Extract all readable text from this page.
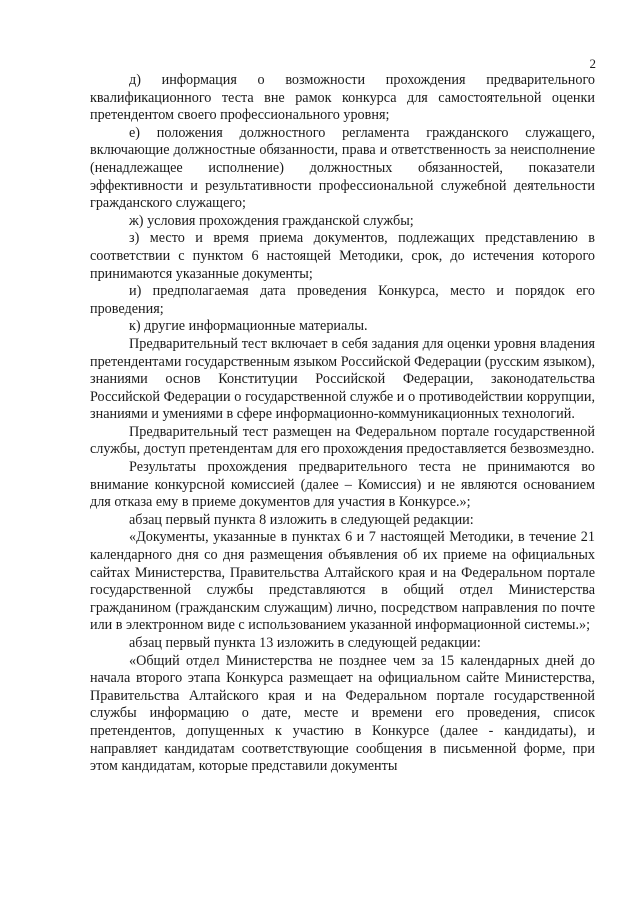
2

д) информация о возможности прохождения предварительного квалификационного теста вне рамок конкурса для самостоятельной оценки претендентом своего профессионального уровня;

е) положения должностного регламента гражданского служащего, включающие должностные обязанности, права и ответственность за неисполнение (ненадлежащее исполнение) должностных обязанностей, показатели эффективности и результативности профессиональной служебной деятельности гражданского служащего;

ж) условия прохождения гражданской службы;

з) место и время приема документов, подлежащих представлению в соответствии с пунктом 6 настоящей Методики, срок, до истечения которого принимаются указанные документы;

и) предполагаемая дата проведения Конкурса, место и порядок его проведения;

к) другие информационные материалы.

Предварительный тест включает в себя задания для оценки уровня владения претендентами государственным языком Российской Федерации (русским языком), знаниями основ Конституции Российской Федерации, законодательства Российской Федерации о государственной службе и о противодействии коррупции, знаниями и умениями в сфере информационно-коммуникационных технологий.

Предварительный тест размещен на Федеральном портале государственной службы, доступ претендентам для его прохождения предоставляется безвозмездно.

Результаты прохождения предварительного теста не принимаются во внимание конкурсной комиссией (далее – Комиссия) и не являются основанием для отказа ему в приеме документов для участия в Конкурсе.»;

абзац первый пункта 8 изложить в следующей редакции:

«Документы, указанные в пунктах 6 и 7 настоящей Методики, в течение 21 календарного дня со дня размещения объявления об их приеме на официальных сайтах Министерства, Правительства Алтайского края и на Федеральном портале государственной службы представляются в общий отдел Министерства гражданином (гражданским служащим) лично, посредством направления по почте или в электронном виде с использованием указанной информационной системы.»;

абзац первый пункта 13 изложить в следующей редакции:

«Общий отдел Министерства не позднее чем за 15 календарных дней до начала второго этапа Конкурса размещает на официальном сайте Министерства, Правительства Алтайского края и на Федеральном портале государственной службы информацию о дате, месте и времени его проведения, список претендентов, допущенных к участию в Конкурсе (далее - кандидаты), и направляет кандидатам соответствующие сообщения в письменной форме, при этом кандидатам, которые представили документы
